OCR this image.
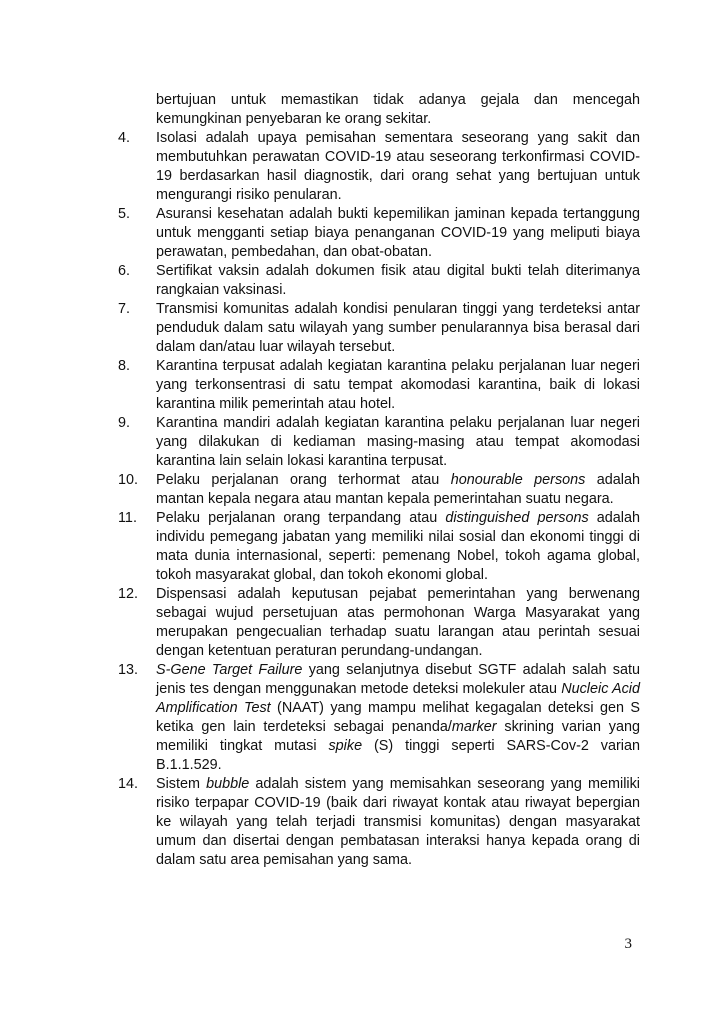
bertujuan untuk memastikan tidak adanya gejala dan mencegah kemungkinan penyebaran ke orang sekitar.
4.	Isolasi adalah upaya pemisahan sementara seseorang yang sakit dan membutuhkan perawatan COVID-19 atau seseorang terkonfirmasi COVID-19 berdasarkan hasil diagnostik, dari orang sehat yang bertujuan untuk mengurangi risiko penularan.
5.	Asuransi kesehatan adalah bukti kepemilikan jaminan kepada tertanggung untuk mengganti setiap biaya penanganan COVID-19 yang meliputi biaya perawatan, pembedahan, dan obat-obatan.
6.	Sertifikat vaksin adalah dokumen fisik atau digital bukti telah diterimanya rangkaian vaksinasi.
7.	Transmisi komunitas adalah kondisi penularan tinggi yang terdeteksi antar penduduk dalam satu wilayah yang sumber penularannya bisa berasal dari dalam dan/atau luar wilayah tersebut.
8.	Karantina terpusat adalah kegiatan karantina pelaku perjalanan luar negeri yang terkonsentrasi di satu tempat akomodasi karantina, baik di lokasi karantina milik pemerintah atau hotel.
9.	Karantina mandiri adalah kegiatan karantina pelaku perjalanan luar negeri yang dilakukan di kediaman masing-masing atau tempat akomodasi karantina lain selain lokasi karantina terpusat.
10.	Pelaku perjalanan orang terhormat atau honourable persons adalah mantan kepala negara atau mantan kepala pemerintahan suatu negara.
11.	Pelaku perjalanan orang terpandang atau distinguished persons adalah individu pemegang jabatan yang memiliki nilai sosial dan ekonomi tinggi di mata dunia internasional, seperti: pemenang Nobel, tokoh agama global, tokoh masyarakat global, dan tokoh ekonomi global.
12.	Dispensasi adalah keputusan pejabat pemerintahan yang berwenang sebagai wujud persetujuan atas permohonan Warga Masyarakat yang merupakan pengecualian terhadap suatu larangan atau perintah sesuai dengan ketentuan peraturan perundang-undangan.
13.	S-Gene Target Failure yang selanjutnya disebut SGTF adalah salah satu jenis tes dengan menggunakan metode deteksi molekuler atau Nucleic Acid Amplification Test (NAAT) yang mampu melihat kegagalan deteksi gen S ketika gen lain terdeteksi sebagai penanda/marker skrining varian yang memiliki tingkat mutasi spike (S) tinggi seperti SARS-Cov-2 varian B.1.1.529.
14.	Sistem bubble adalah sistem yang memisahkan seseorang yang memiliki risiko terpapar COVID-19 (baik dari riwayat kontak atau riwayat bepergian ke wilayah yang telah terjadi transmisi komunitas) dengan masyarakat umum dan disertai dengan pembatasan interaksi hanya kepada orang di dalam satu area pemisahan yang sama.
3
